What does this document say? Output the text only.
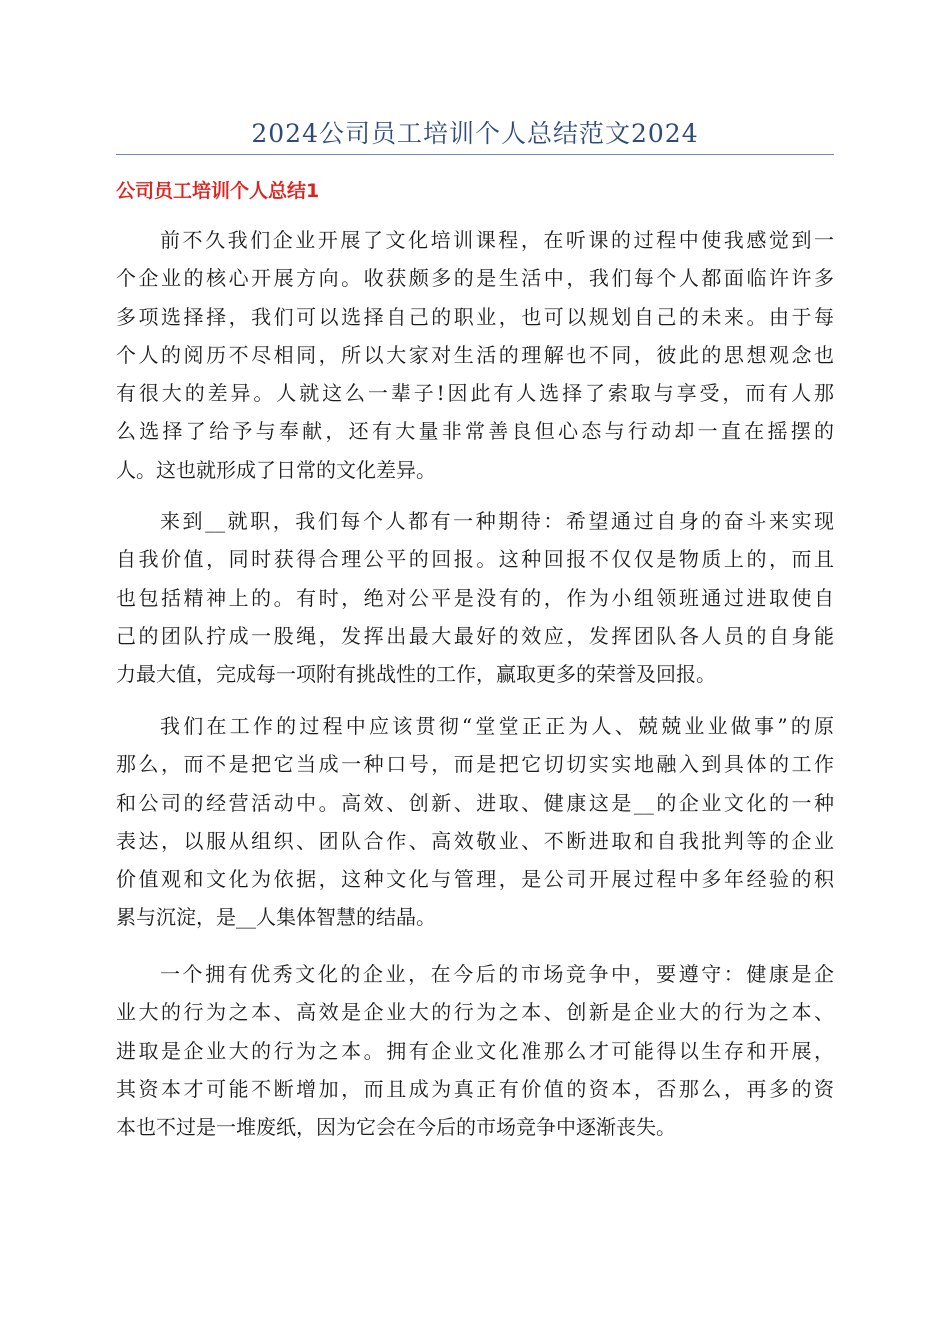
2024公司员工培训个人总结范文2024
公司员工培训个人总结1
前不久我们企业开展了文化培训课程，在听课的过程中使我感觉到一
个企业的核心开展方向。收获颇多的是生活中，我们每个人都面临许许多
多项选择择，我们可以选择自己的职业，也可以规划自己的未来。由于每
个人的阅历不尽相同，所以大家对生活的理解也不同，彼此的思想观念也
有很大的差异。人就这么一辈子!因此有人选择了索取与享受，而有人那
么选择了给予与奉献，还有大量非常善良但心态与行动却一直在摇摆的
人。这也就形成了日常的文化差异。
来到__就职，我们每个人都有一种期待：希望通过自身的奋斗来实现
自我价值，同时获得合理公平的回报。这种回报不仅仅是物质上的，而且
也包括精神上的。有时，绝对公平是没有的，作为小组领班通过进取使自
己的团队拧成一股绳，发挥出最大最好的效应，发挥团队各人员的自身能
力最大值，完成每一项附有挑战性的工作，赢取更多的荣誉及回报。
我们在工作的过程中应该贯彻“堂堂正正为人、兢兢业业做事”的原
那么，而不是把它当成一种口号，而是把它切切实实地融入到具体的工作
和公司的经营活动中。高效、创新、进取、健康这是__的企业文化的一种
表达，以服从组织、团队合作、高效敬业、不断进取和自我批判等的企业
价值观和文化为依据，这种文化与管理，是公司开展过程中多年经验的积
累与沉淀，是__人集体智慧的结晶。
一个拥有优秀文化的企业，在今后的市场竞争中，要遵守：健康是企
业大的行为之本、高效是企业大的行为之本、创新是企业大的行为之本、
进取是企业大的行为之本。拥有企业文化准那么才可能得以生存和开展，
其资本才可能不断增加，而且成为真正有价值的资本，否那么，再多的资
本也不过是一堆废纸，因为它会在今后的市场竞争中逐渐丧失。
